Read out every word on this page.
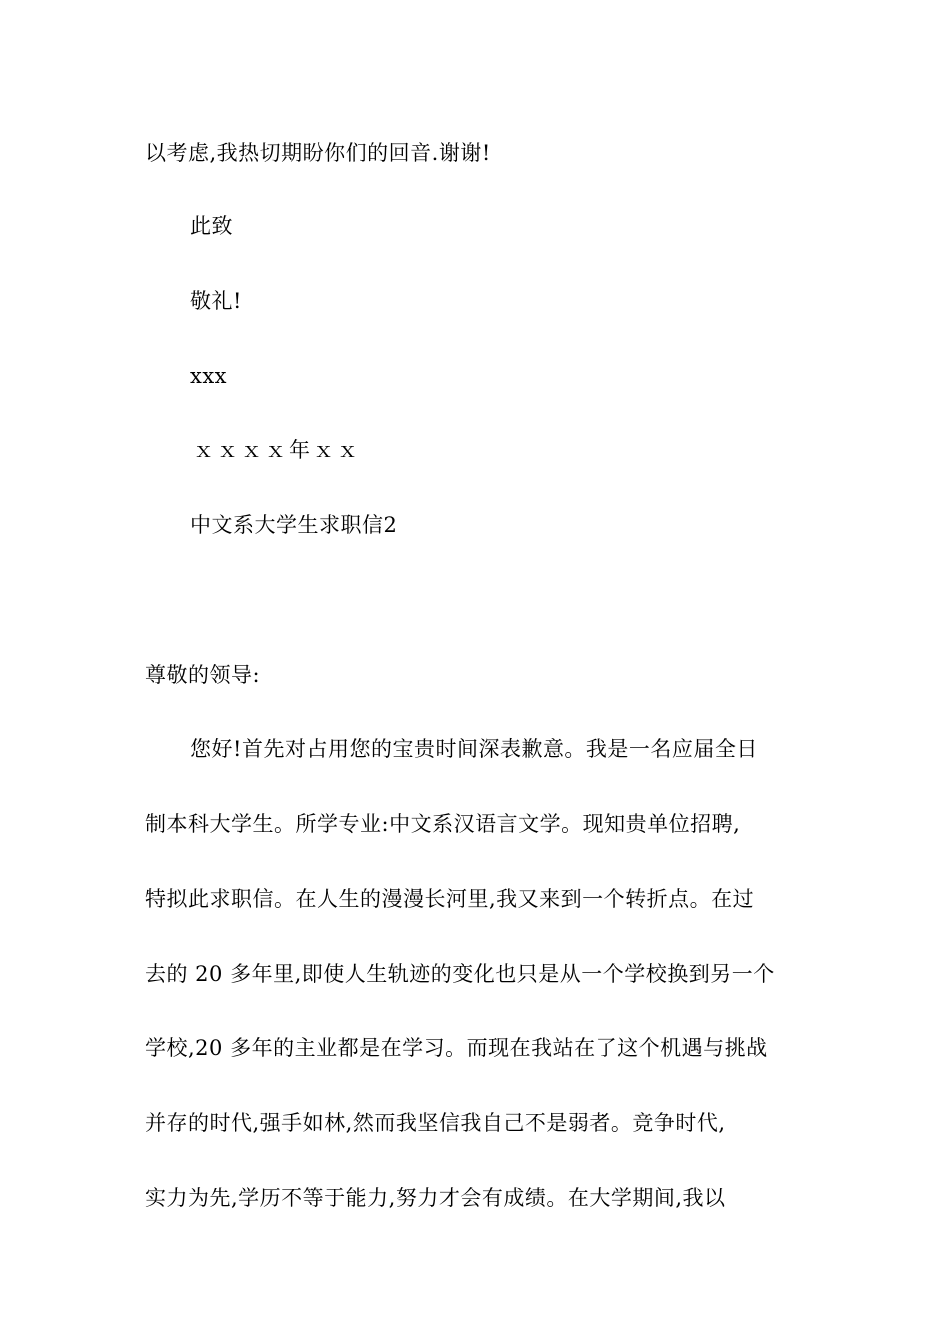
以考虑,我热切期盼你们的回音.谢谢!
此致
敬礼!
xxx
ｘｘｘｘ年ｘｘ
中文系大学生求职信2
尊敬的领导:
您好!首先对占用您的宝贵时间深表歉意。我是一名应届全日
制本科大学生。所学专业:中文系汉语言文学。现知贵单位招聘,
特拟此求职信。在人生的漫漫长河里,我又来到一个转折点。在过
去的 20 多年里,即使人生轨迹的变化也只是从一个学校换到另一个
学校,20 多年的主业都是在学习。而现在我站在了这个机遇与挑战
并存的时代,强手如林,然而我坚信我自己不是弱者。竞争时代,
实力为先,学历不等于能力,努力才会有成绩。在大学期间,我以
